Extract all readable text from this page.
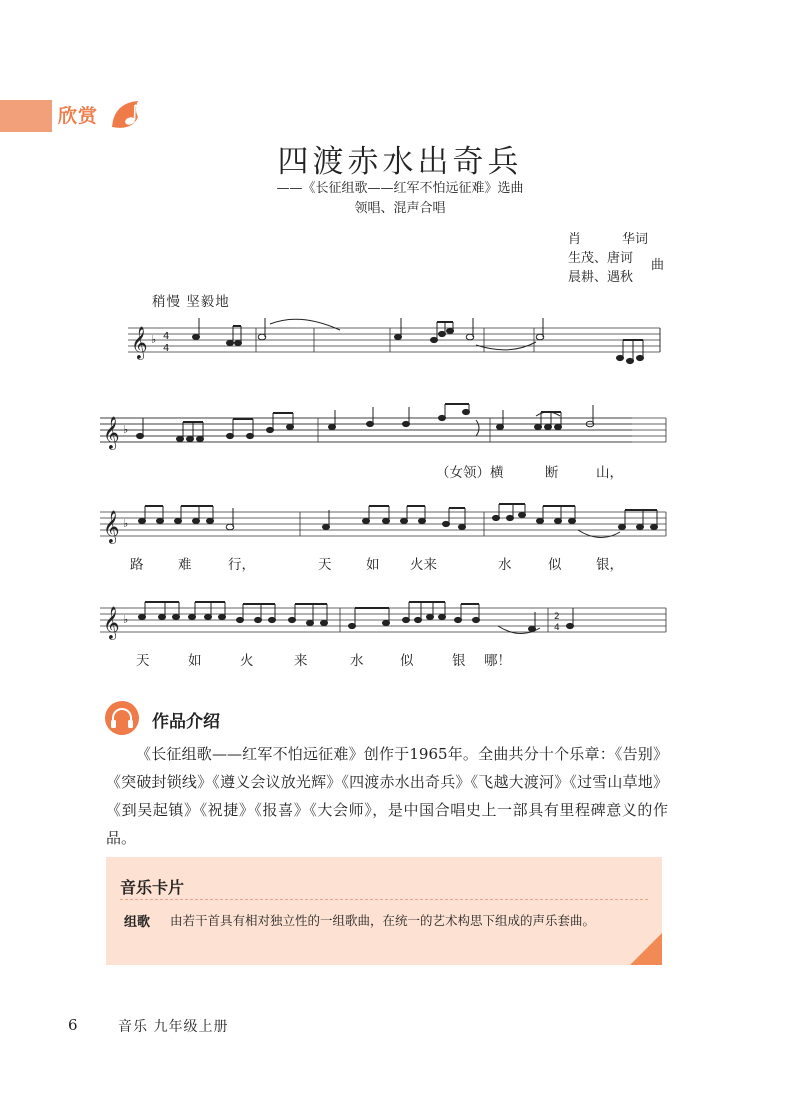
欣赏
四渡赤水出奇兵
——《长征组歌——红军不怕远征难》选曲
领唱、混声合唱
肖	华词
生茂、唐诃
晨耕、遇秋
曲
稍慢 坚毅地
𝄞 ♭ 4
4
𝄞 ♭
𝄞 ♭
𝄞 ♭	2
4
（女领）横	断	山，
路	难	行，	天	如 火来	水	似	银，
天	如	火	来	水	似	银 哪！
作品介绍
《长征组歌——红军不怕远征难》创作于1965年。全曲共分十个乐章：《告别》《突破封锁线》《遵义会议放光辉》《四渡赤水出奇兵》《飞越大渡河》《过雪山草地》《到吴起镇》《祝捷》《报喜》《大会师》，是中国合唱史上一部具有里程碑意义的作品。
音乐卡片
组歌 由若干首具有相对独立性的一组歌曲，在统一的艺术构思下组成的声乐套曲。
6	音乐 九年级上册
